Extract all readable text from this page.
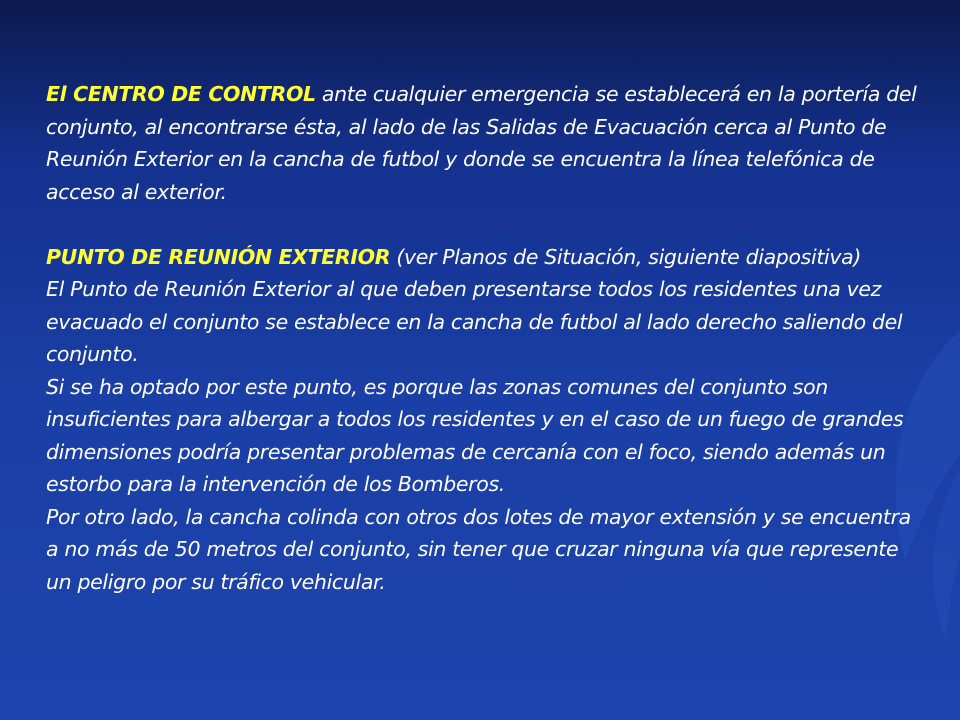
El CENTRO DE CONTROL ante cualquier emergencia se establecerá en la portería del conjunto, al encontrarse ésta, al lado de las Salidas de Evacuación cerca al Punto de Reunión Exterior en la cancha de futbol y donde se encuentra la línea telefónica de acceso al exterior.

PUNTO DE REUNIÓN EXTERIOR (ver Planos de Situación, siguiente diapositiva)

El Punto de Reunión Exterior al que deben presentarse todos los residentes una vez evacuado el conjunto se establece en la cancha de futbol al lado derecho saliendo del conjunto.

Si se ha optado por este punto, es porque las zonas comunes del conjunto son insuficientes para albergar a todos los residentes y en el caso de un fuego de grandes dimensiones podría presentar problemas de cercanía con el foco, siendo además un estorbo para la intervención de los Bomberos.

Por otro lado, la cancha colinda con otros dos lotes de mayor extensión y se encuentra a no más de 50 metros del conjunto, sin tener que cruzar ninguna vía que represente un peligro por su tráfico vehicular.
